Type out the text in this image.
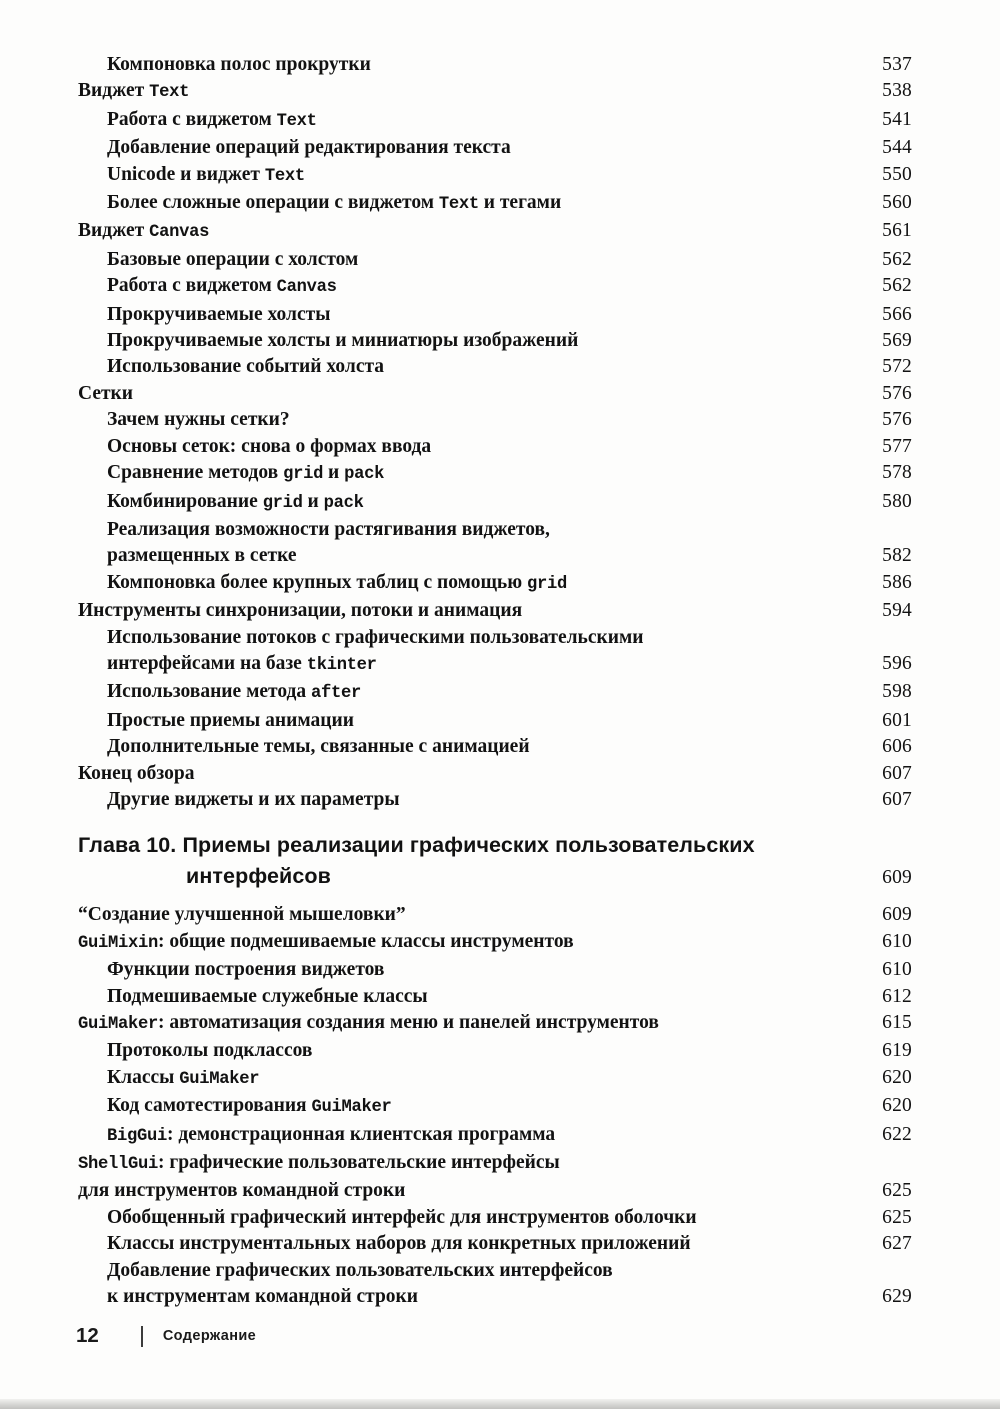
Компоновка полос прокрутки	537
Виджет Text	538
Работа с виджетом Text	541
Добавление операций редактирования текста	544
Unicode и виджет Text	550
Более сложные операции с виджетом Text и тегами	560
Виджет Canvas	561
Базовые операции с холстом	562
Работа с виджетом Canvas	562
Прокручиваемые холсты	566
Прокручиваемые холсты и миниатюры изображений	569
Использование событий холста	572
Сетки	576
Зачем нужны сетки?	576
Основы сеток: снова о формах ввода	577
Сравнение методов grid и pack	578
Комбинирование grid и pack	580
Реализация возможности растягивания виджетов,
размещенных в сетке	582
Компоновка более крупных таблиц с помощью grid	586
Инструменты синхронизации, потоки и анимация	594
Использование потоков с графическими пользовательскими
интерфейсами на базе tkinter	596
Использование метода after	598
Простые приемы анимации	601
Дополнительные темы, связанные с анимацией	606
Конец обзора	607
Другие виджеты и их параметры	607
Глава 10. Приемы реализации графических пользовательских
интерфейсов	609
“Создание улучшенной мышеловки”	609
GuiMixin: общие подмешиваемые классы инструментов	610
Функции построения виджетов	610
Подмешиваемые служебные классы	612
GuiMaker: автоматизация создания меню и панелей инструментов	615
Протоколы подклассов	619
Классы GuiMaker	620
Код самотестирования GuiMaker	620
BigGui: демонстрационная клиентская программа	622
ShellGui: графические пользовательские интерфейсы
для инструментов командной строки	625
Обобщенный графический интерфейс для инструментов оболочки	625
Классы инструментальных наборов для конкретных приложений	627
Добавление графических пользовательских интерфейсов
к инструментам командной строки	629
12	Содержание
